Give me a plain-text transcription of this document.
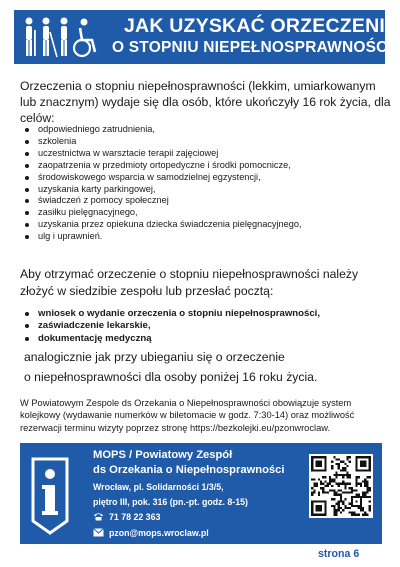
JAK UZYSKAĆ ORZECZENIE
O STOPNIU NIEPEŁNOSPRAWNOŚCI
Orzeczenia o stopniu niepełnosprawności (lekkim, umiarkowanym lub znacznym) wydaje się dla osób, które ukończyły 16 rok życia, dla celów:
odpowiedniego zatrudnienia,
szkolenia
uczestnictwa w warsztacie terapii zajęciowej
zaopatrzenia w przedmioty ortopedyczne i środki pomocnicze,
środowiskowego wsparcia w samodzielnej egzystencji,
uzyskania karty parkingowej,
świadczeń z pomocy społecznej
zasiłku pielęgnacyjnego,
uzyskania przez opiekuna dziecka świadczenia pielęgnacyjnego,
ulg i uprawnień.
Aby otrzymać orzeczenie o stopniu niepełnosprawności należy złożyć w siedzibie zespołu lub przesłać pocztą:
wniosek o wydanie orzeczenia o stopniu niepełnosprawności,
zaświadczenie lekarskie,
dokumentację medyczną
analogicznie jak przy ubieganiu się o orzeczenie
o niepełnosprawności dla osoby poniżej 16 roku życia.
W Powiatowym Zespole ds Orzekania o Niepełnosprawności obowiązuje system kolejkowy (wydawanie numerków w biletomacie w godz. 7:30-14) oraz możliwość rezerwacji terminu wizyty poprzez stronę https://bezkolejki.eu/pzonwroclaw.
MOPS / Powiatowy Zespół
ds Orzekania o Niepełnosprawności
Wrocław, pl. Solidarności 1/3/5,
piętro III, pok. 316 (pn.-pt. godz. 8-15)
71 78 22 363
pzon@mops.wroclaw.pl
strona 6
